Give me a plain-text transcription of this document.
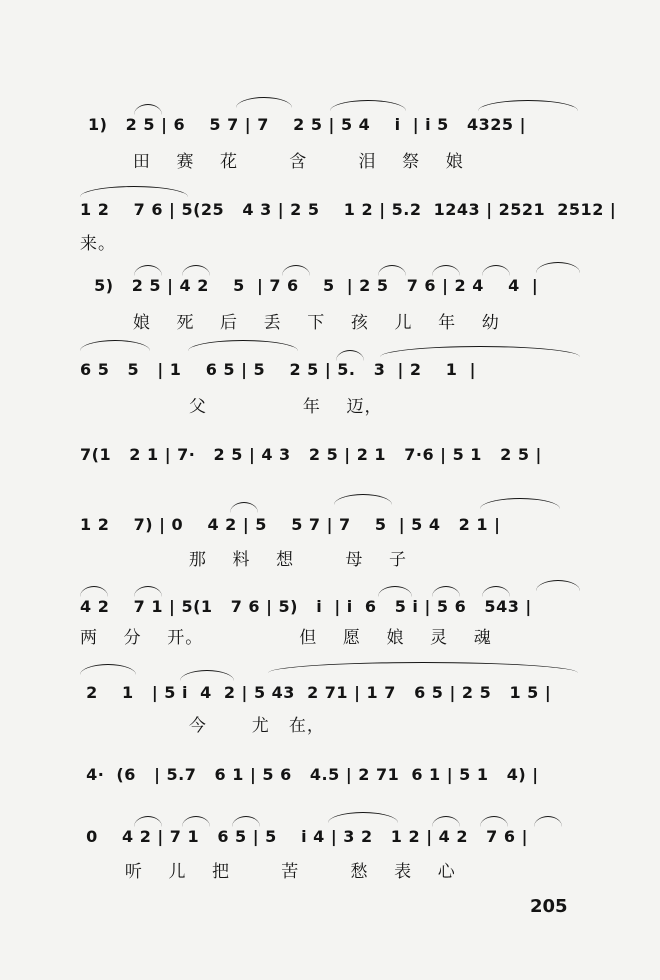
1)   2 5 | 6    5 7 | 7    2 5 | 5 4    i  | i 5   4325 |
田    赛    花        含        泪    祭    娘
1 2    7 6 | 5(25   4 3 | 2 5    1 2 | 5.2  1243 | 2521  2512 |
来。
5)   2 5 | 4 2    5  | 7 6    5  | 2 5   7 6 | 2 4    4  |
娘    死    后    丢    下    孩    儿    年    幼
6 5   5   | 1    6 5 | 5    2 5 | 5.   3  | 2    1  |
父               年    迈，
7(1   2 1 | 7·   2 5 | 4 3   2 5 | 2 1   7·6 | 5 1   2 5 |
1 2    7) | 0    4 2 | 5    5 7 | 7    5  | 5 4   2 1 |
那    料    想        母    子
4 2    7 1 | 5(1   7 6 | 5)   i  | i  6   5 i | 5 6   543 |
两    分    开。               但    愿    娘    灵    魂
2    1   | 5 i  4  2 | 5 43  2 71 | 1 7   6 5 | 2 5   1 5 |
今       尤   在，
4·  (6   | 5.7   6 1 | 5 6   4.5 | 2 71  6 1 | 5 1   4) |
0    4 2 | 7 1   6 5 | 5    i 4 | 3 2   1 2 | 4 2   7 6 |
听    儿    把        苦        愁    表    心
205
